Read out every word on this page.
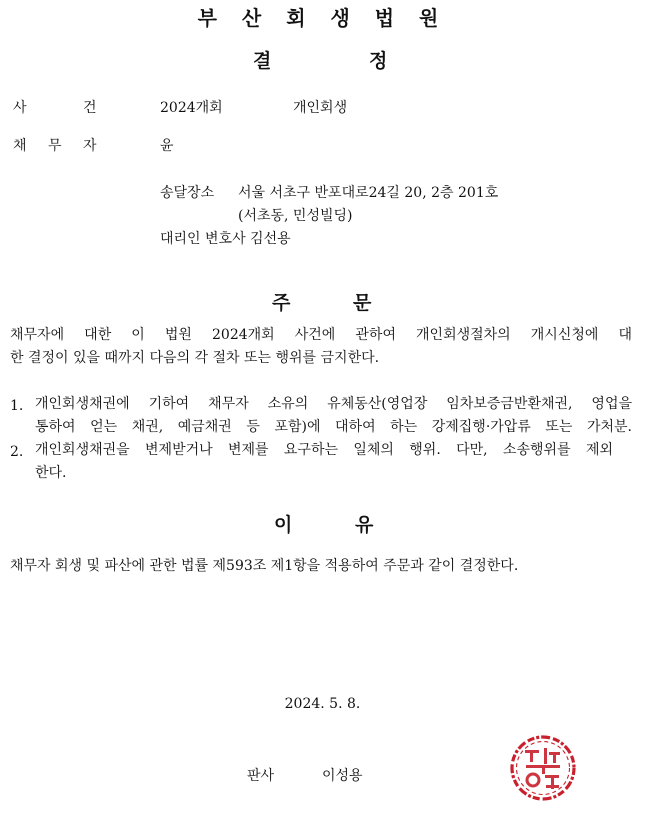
부 산 회 생 법 원
결	정
사	건	2024개회	개인회생
채 무 자	윤
송달장소 서울 서초구 반포대로24길 20, 2층 201호
(서초동, 민성빌딩)
대리인 변호사 김선용
주	문
채무자에 대한 이 법원 2024개회 사건에 관하여 개인회생절차의 개시신청에 대
한 결정이 있을 때까지 다음의 각 절차 또는 행위를 금지한다.
1. 개인회생채권에 기하여 채무자 소유의 유체동산(영업장 임차보증금반환채권, 영업을
통하여 얻는 채권, 예금채권 등 포함)에 대하여 하는 강제집행·가압류 또는 가처분.
2. 개인회생채권을 변제받거나 변제를 요구하는 일체의 행위. 다만, 소송행위를 제외
한다.
이	유
채무자 회생 및 파산에 관한 법률 제593조 제1항을 적용하여 주문과 같이 결정한다.
2024. 5. 8.
판사	이성용
